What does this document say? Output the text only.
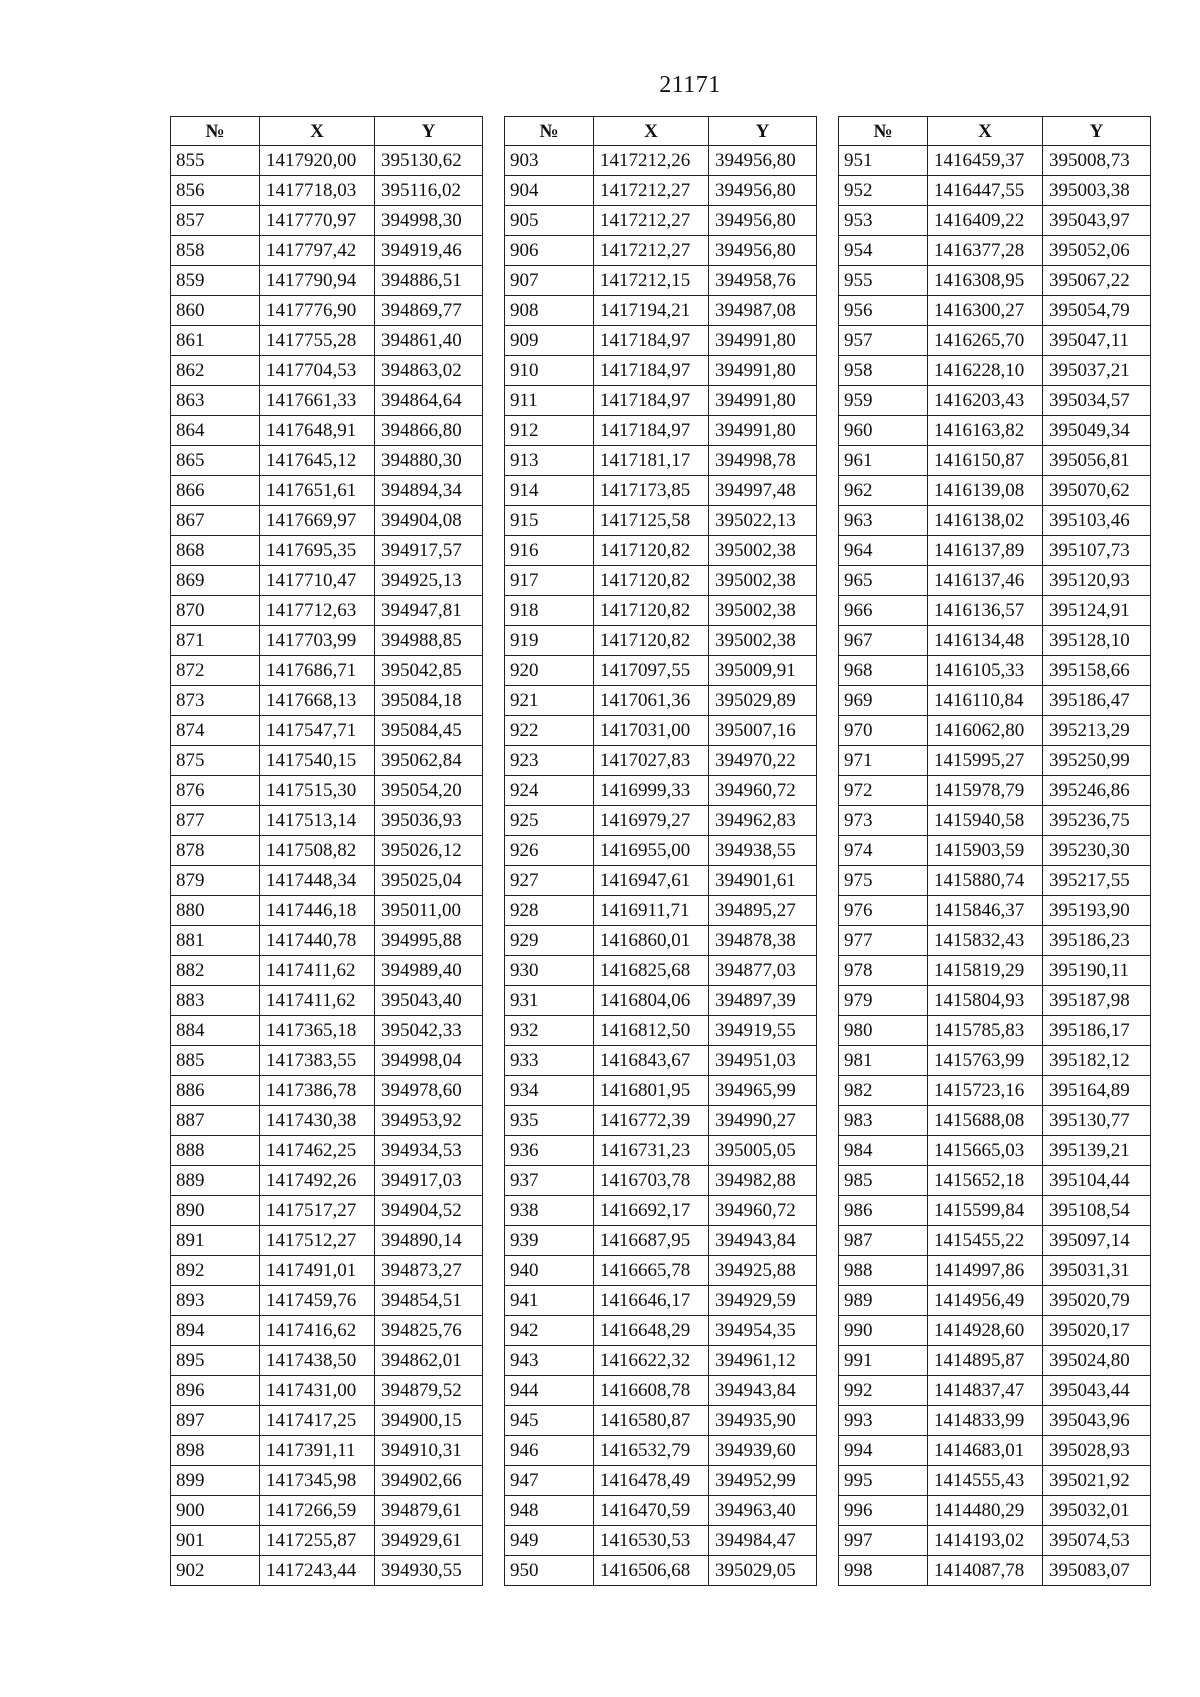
21171
№	X	Y
855	1417920,00	395130,62
856	1417718,03	395116,02
857	1417770,97	394998,30
858	1417797,42	394919,46
859	1417790,94	394886,51
860	1417776,90	394869,77
861	1417755,28	394861,40
862	1417704,53	394863,02
863	1417661,33	394864,64
864	1417648,91	394866,80
865	1417645,12	394880,30
866	1417651,61	394894,34
867	1417669,97	394904,08
868	1417695,35	394917,57
869	1417710,47	394925,13
870	1417712,63	394947,81
871	1417703,99	394988,85
872	1417686,71	395042,85
873	1417668,13	395084,18
874	1417547,71	395084,45
875	1417540,15	395062,84
876	1417515,30	395054,20
877	1417513,14	395036,93
878	1417508,82	395026,12
879	1417448,34	395025,04
880	1417446,18	395011,00
881	1417440,78	394995,88
882	1417411,62	394989,40
883	1417411,62	395043,40
884	1417365,18	395042,33
885	1417383,55	394998,04
886	1417386,78	394978,60
887	1417430,38	394953,92
888	1417462,25	394934,53
889	1417492,26	394917,03
890	1417517,27	394904,52
891	1417512,27	394890,14
892	1417491,01	394873,27
893	1417459,76	394854,51
894	1417416,62	394825,76
895	1417438,50	394862,01
896	1417431,00	394879,52
897	1417417,25	394900,15
898	1417391,11	394910,31
899	1417345,98	394902,66
900	1417266,59	394879,61
901	1417255,87	394929,61
902	1417243,44	394930,55
№	X	Y
903	1417212,26	394956,80
904	1417212,27	394956,80
905	1417212,27	394956,80
906	1417212,27	394956,80
907	1417212,15	394958,76
908	1417194,21	394987,08
909	1417184,97	394991,80
910	1417184,97	394991,80
911	1417184,97	394991,80
912	1417184,97	394991,80
913	1417181,17	394998,78
914	1417173,85	394997,48
915	1417125,58	395022,13
916	1417120,82	395002,38
917	1417120,82	395002,38
918	1417120,82	395002,38
919	1417120,82	395002,38
920	1417097,55	395009,91
921	1417061,36	395029,89
922	1417031,00	395007,16
923	1417027,83	394970,22
924	1416999,33	394960,72
925	1416979,27	394962,83
926	1416955,00	394938,55
927	1416947,61	394901,61
928	1416911,71	394895,27
929	1416860,01	394878,38
930	1416825,68	394877,03
931	1416804,06	394897,39
932	1416812,50	394919,55
933	1416843,67	394951,03
934	1416801,95	394965,99
935	1416772,39	394990,27
936	1416731,23	395005,05
937	1416703,78	394982,88
938	1416692,17	394960,72
939	1416687,95	394943,84
940	1416665,78	394925,88
941	1416646,17	394929,59
942	1416648,29	394954,35
943	1416622,32	394961,12
944	1416608,78	394943,84
945	1416580,87	394935,90
946	1416532,79	394939,60
947	1416478,49	394952,99
948	1416470,59	394963,40
949	1416530,53	394984,47
950	1416506,68	395029,05
№	X	Y
951	1416459,37	395008,73
952	1416447,55	395003,38
953	1416409,22	395043,97
954	1416377,28	395052,06
955	1416308,95	395067,22
956	1416300,27	395054,79
957	1416265,70	395047,11
958	1416228,10	395037,21
959	1416203,43	395034,57
960	1416163,82	395049,34
961	1416150,87	395056,81
962	1416139,08	395070,62
963	1416138,02	395103,46
964	1416137,89	395107,73
965	1416137,46	395120,93
966	1416136,57	395124,91
967	1416134,48	395128,10
968	1416105,33	395158,66
969	1416110,84	395186,47
970	1416062,80	395213,29
971	1415995,27	395250,99
972	1415978,79	395246,86
973	1415940,58	395236,75
974	1415903,59	395230,30
975	1415880,74	395217,55
976	1415846,37	395193,90
977	1415832,43	395186,23
978	1415819,29	395190,11
979	1415804,93	395187,98
980	1415785,83	395186,17
981	1415763,99	395182,12
982	1415723,16	395164,89
983	1415688,08	395130,77
984	1415665,03	395139,21
985	1415652,18	395104,44
986	1415599,84	395108,54
987	1415455,22	395097,14
988	1414997,86	395031,31
989	1414956,49	395020,79
990	1414928,60	395020,17
991	1414895,87	395024,80
992	1414837,47	395043,44
993	1414833,99	395043,96
994	1414683,01	395028,93
995	1414555,43	395021,92
996	1414480,29	395032,01
997	1414193,02	395074,53
998	1414087,78	395083,07
